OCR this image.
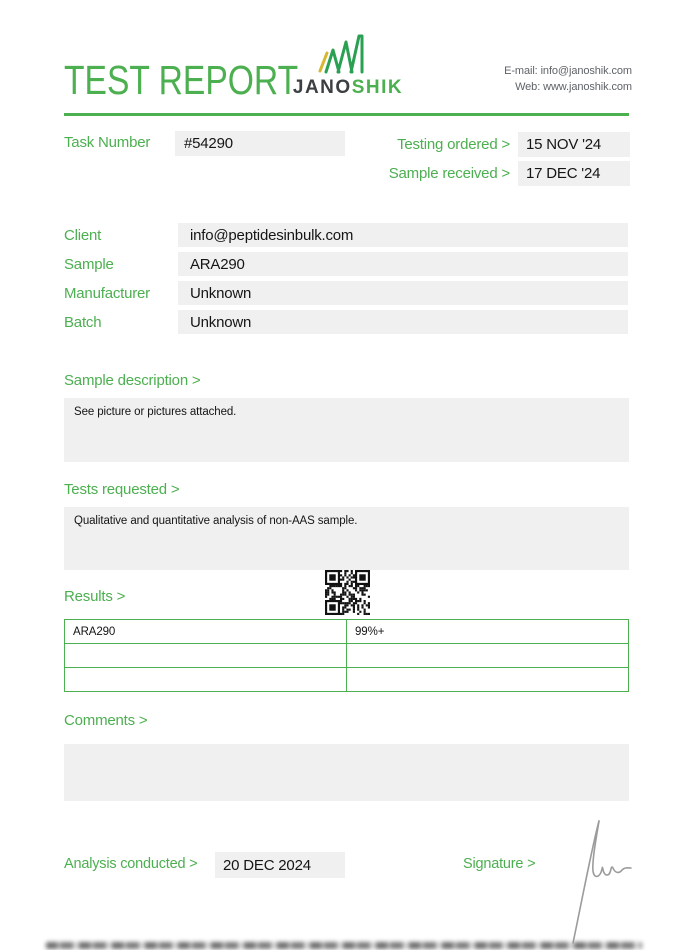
TEST REPORT
JANOSHIK
E-mail: info@janoshik.com
Web: www.janoshik.com
Task Number	#54290	Testing ordered >	15 NOV '24
Sample received >	17 DEC '24
Client	info@peptidesinbulk.com
Sample	ARA290
Manufacturer	Unknown
Batch	Unknown
Sample description >
See picture or pictures attached.
Tests requested >
Qualitative and quantitative analysis of non-AAS sample.
Results >
ARA290	99%+

Comments >
Analysis conducted >	20 DEC 2024	Signature >
